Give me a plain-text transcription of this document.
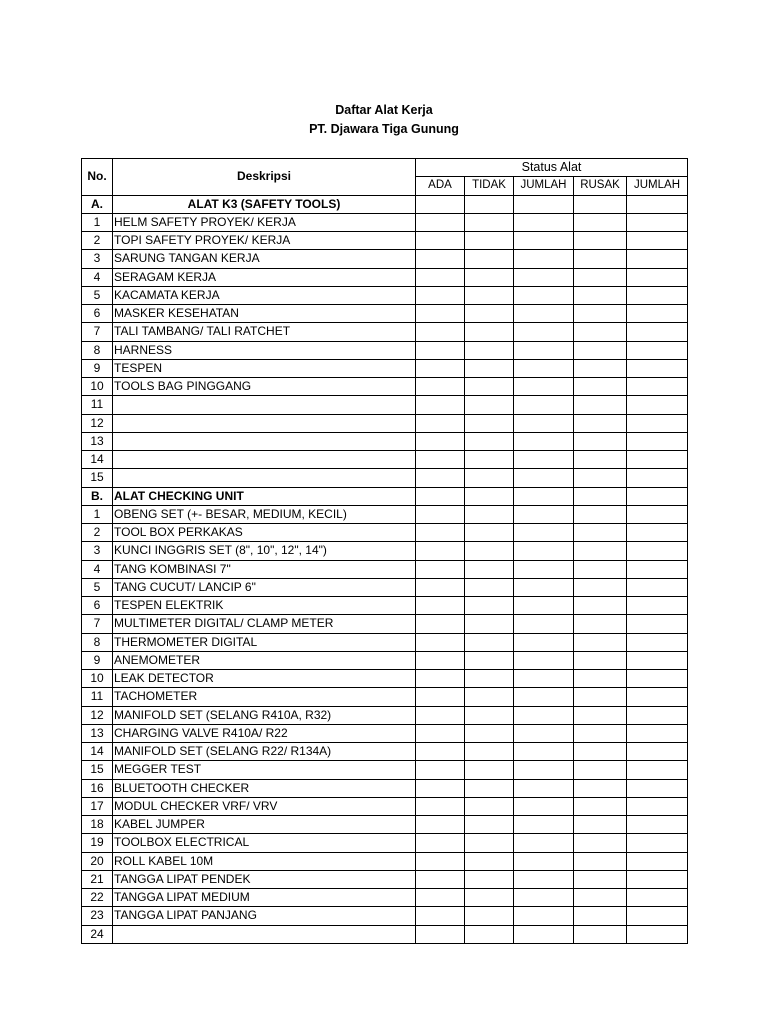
Daftar Alat Kerja
PT. Djawara Tiga Gunung
No.	Deskripsi	Status Alat				
		ADA	TIDAK	JUMLAH	RUSAK	JUMLAH
A.	ALAT K3 (SAFETY TOOLS)					
1	HELM SAFETY PROYEK/ KERJA					
2	TOPI SAFETY PROYEK/ KERJA					
3	SARUNG TANGAN KERJA					
4	SERAGAM KERJA					
5	KACAMATA KERJA					
6	MASKER KESEHATAN					
7	TALI TAMBANG/ TALI RATCHET					
8	HARNESS					
9	TESPEN					
10	TOOLS BAG PINGGANG					
11						
12						
13						
14						
15						
B.	ALAT CHECKING UNIT					
1	OBENG SET (+- BESAR, MEDIUM, KECIL)					
2	TOOL BOX PERKAKAS					
3	KUNCI INGGRIS SET (8", 10", 12", 14")					
4	TANG KOMBINASI 7"					
5	TANG CUCUT/ LANCIP 6"					
6	TESPEN ELEKTRIK					
7	MULTIMETER DIGITAL/ CLAMP METER					
8	THERMOMETER DIGITAL					
9	ANEMOMETER					
10	LEAK DETECTOR					
11	TACHOMETER					
12	MANIFOLD SET (SELANG R410A, R32)					
13	CHARGING VALVE R410A/ R22					
14	MANIFOLD SET (SELANG R22/ R134A)					
15	MEGGER TEST					
16	BLUETOOTH CHECKER					
17	MODUL CHECKER VRF/ VRV					
18	KABEL JUMPER					
19	TOOLBOX ELECTRICAL					
20	ROLL KABEL 10M					
21	TANGGA LIPAT PENDEK					
22	TANGGA LIPAT MEDIUM					
23	TANGGA LIPAT PANJANG					
24						
